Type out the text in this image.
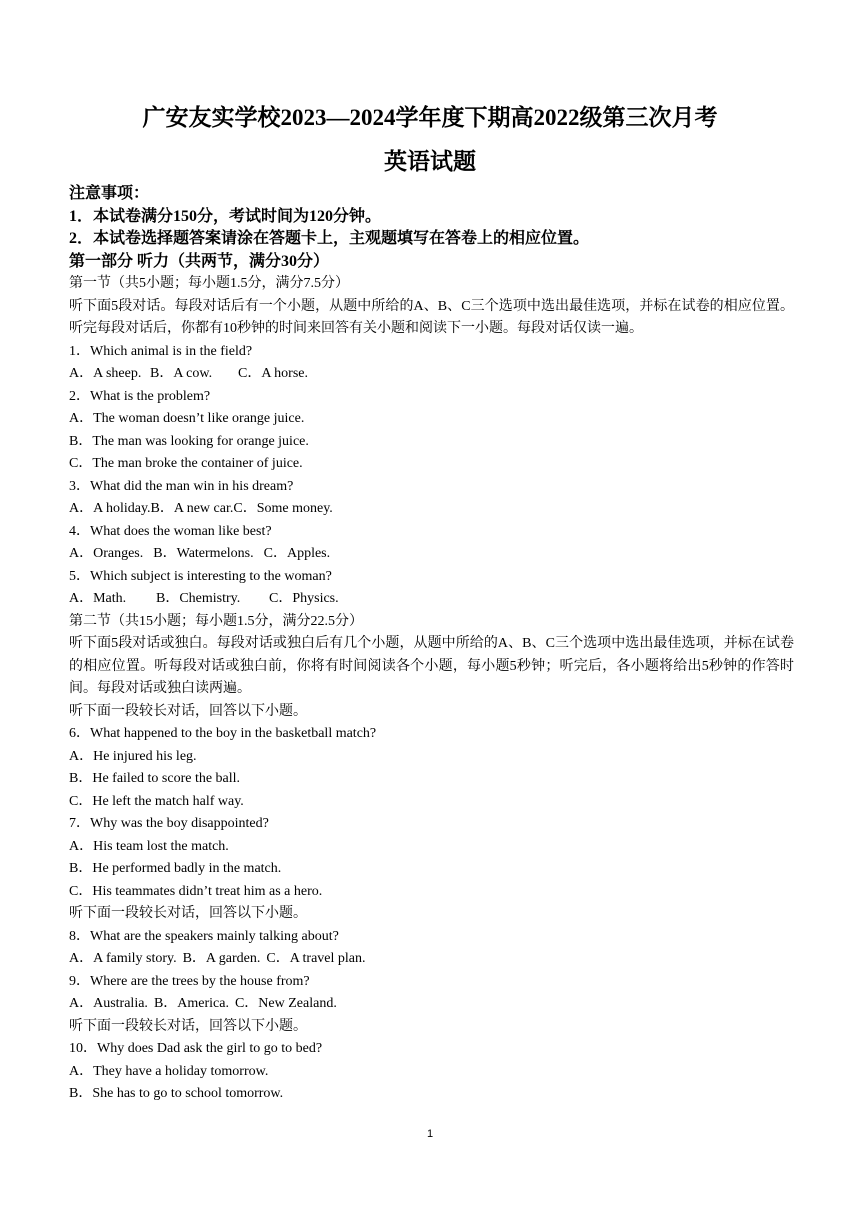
广安友实学校2023—2024学年度下期高2022级第三次月考
英语试题
注意事项：
1．本试卷满分150分，考试时间为120分钟。
2．本试卷选择题答案请涂在答题卡上，主观题填写在答卷上的相应位置。
第一部分 听力（共两节，满分30分）
第一节（共5小题；每小题1.5分，满分7.5分）
听下面5段对话。每段对话后有一个小题，从题中所给的A、B、C三个选项中选出最佳选项，并标在试卷的相应位置。听完每段对话后，你都有10秒钟的时间来回答有关小题和阅读下一小题。每段对话仅读一遍。
1．Which animal is in the field?
A．A sheep. B．A cow. C．A horse.
2．What is the problem?
A．The woman doesn’t like orange juice.
B．The man was looking for orange juice.
C．The man broke the container of juice.
3．What did the man win in his dream?
A．A holiday.B．A new car.C．Some money.
4．What does the woman like best?
A．Oranges. B．Watermelons. C．Apples.
5．Which subject is interesting to the woman?
A．Math. B．Chemistry. C．Physics.
第二节（共15小题；每小题1.5分，满分22.5分）
听下面5段对话或独白。每段对话或独白后有几个小题，从题中所给的A、B、C三个选项中选出最佳选项，并标在试卷的相应位置。听每段对话或独白前，你将有时间阅读各个小题，每小题5秒钟；听完后，各小题将给出5秒钟的作答时间。每段对话或独白读两遍。
听下面一段较长对话，回答以下小题。
6．What happened to the boy in the basketball match?
A．He injured his leg.
B．He failed to score the ball.
C．He left the match half way.
7．Why was the boy disappointed?
A．His team lost the match.
B．He performed badly in the match.
C．His teammates didn’t treat him as a hero.
听下面一段较长对话，回答以下小题。
8．What are the speakers mainly talking about?
A．A family story. B．A garden. C．A travel plan.
9．Where are the trees by the house from?
A．Australia. B．America. C．New Zealand.
听下面一段较长对话，回答以下小题。
10．Why does Dad ask the girl to go to bed?
A．They have a holiday tomorrow.
B．She has to go to school tomorrow.
1
